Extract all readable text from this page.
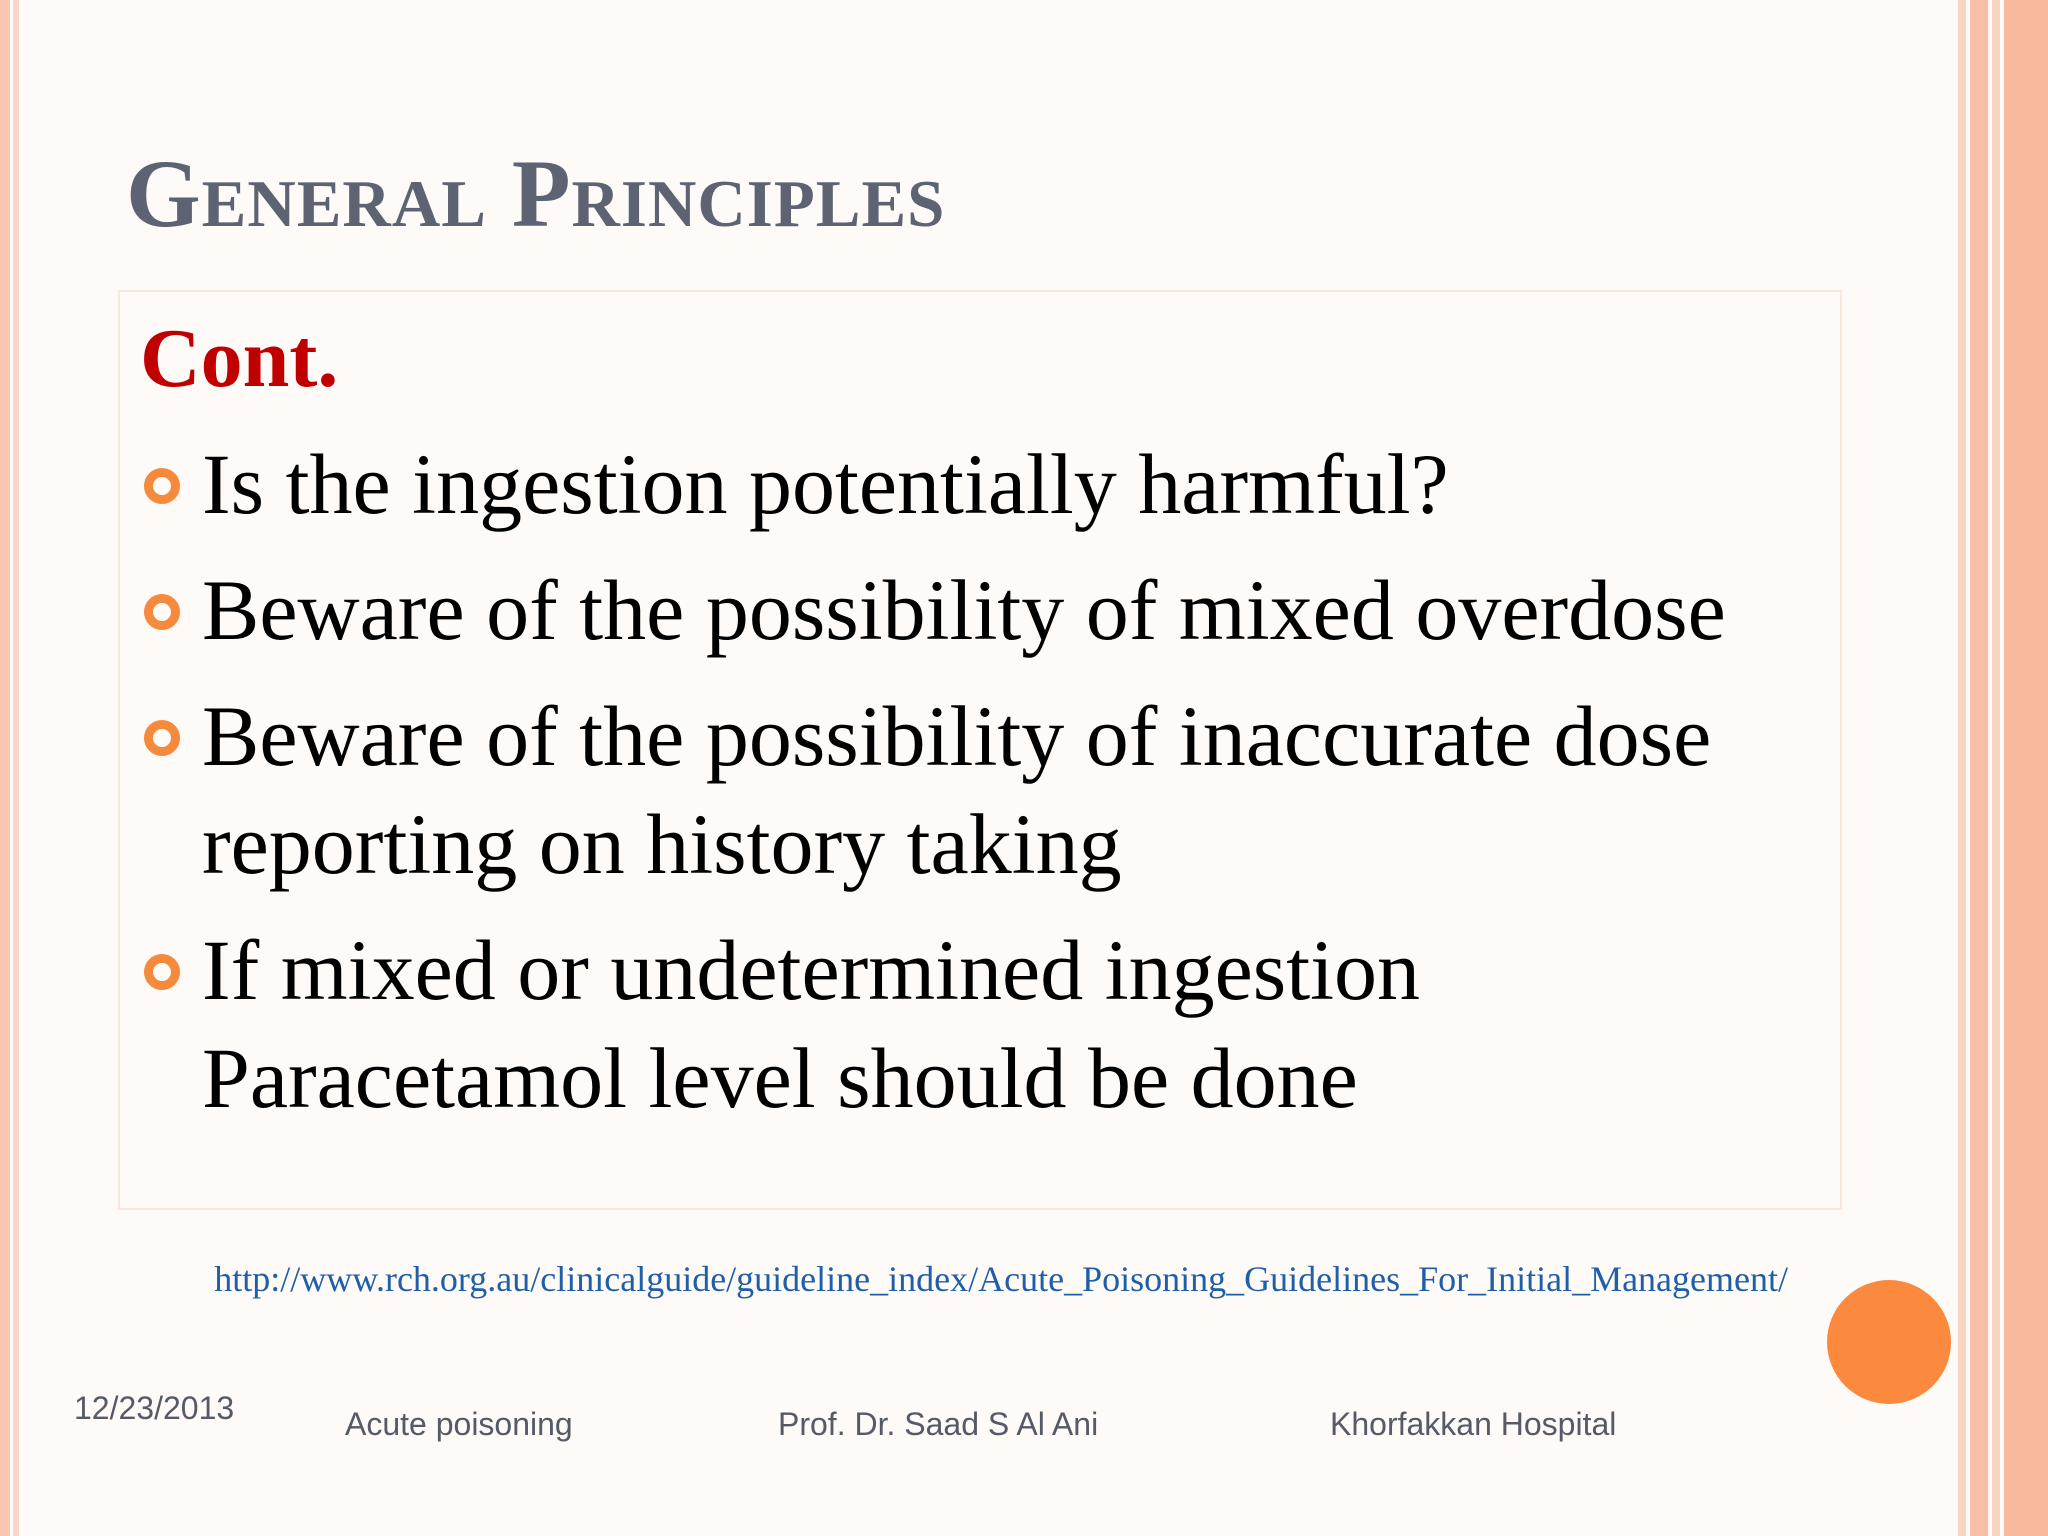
General Principles
Cont.
Is the ingestion potentially harmful?
Beware of the possibility of mixed overdose
Beware of the possibility of inaccurate dose reporting on history taking
If mixed or undetermined ingestion Paracetamol level should be done
http://www.rch.org.au/clinicalguide/guideline_index/Acute_Poisoning_Guidelines_For_Initial_Management/
12/23/2013	Acute poisoning	Prof. Dr. Saad S Al Ani	Khorfakkan Hospital
